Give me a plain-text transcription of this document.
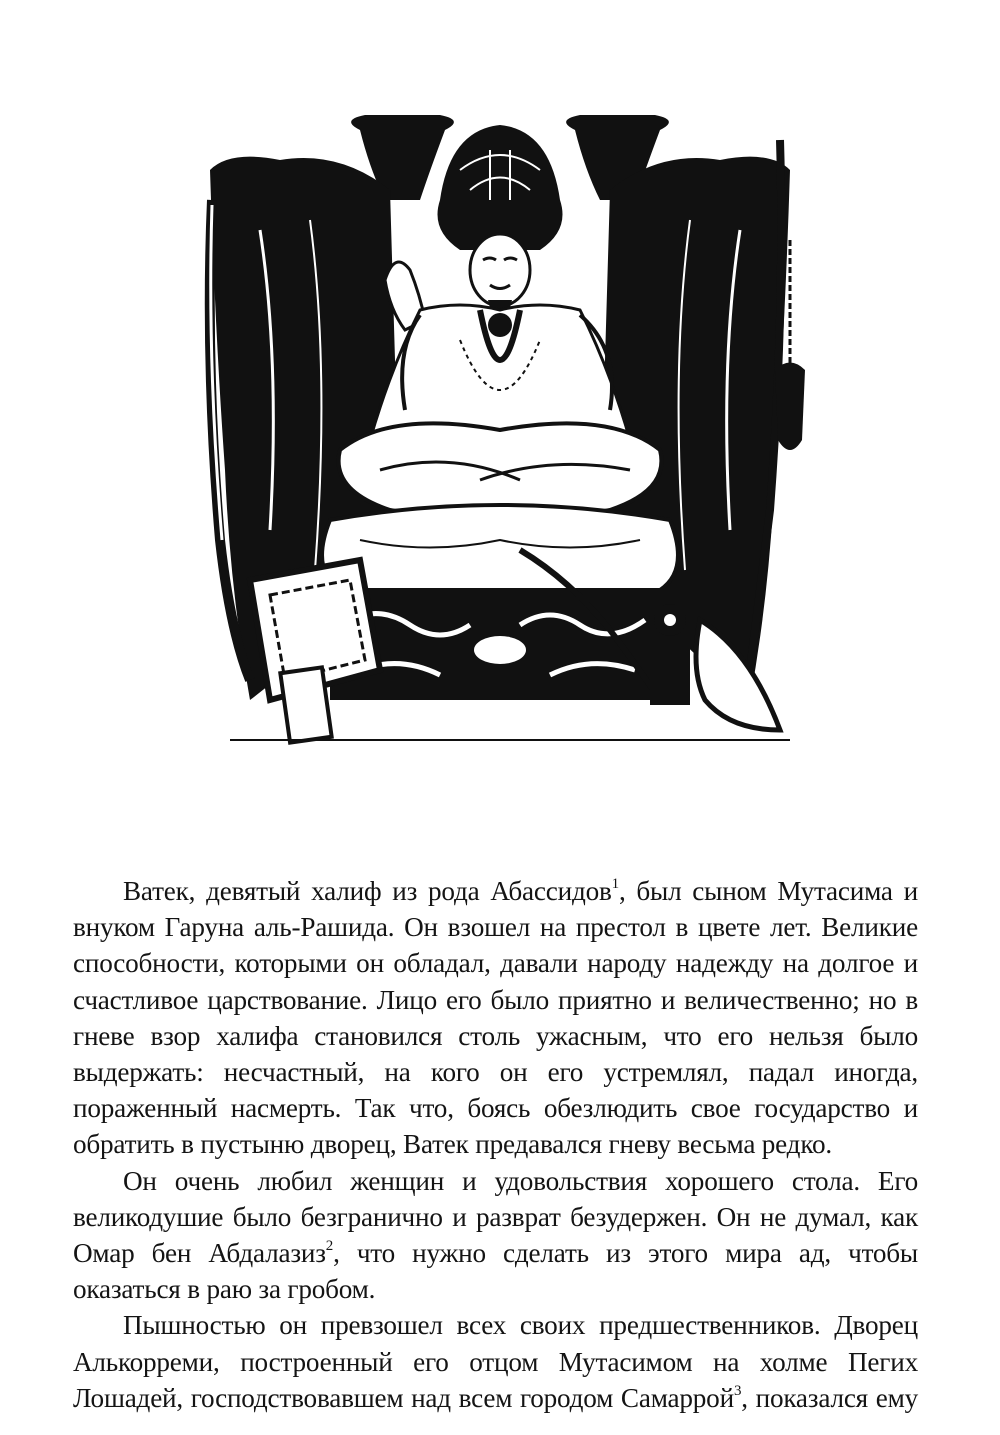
Ватек, девятый халиф из рода Абассидов$^1$, был сыном Мутасима и внуком Гаруна аль-Рашида. Он взошел на престол в цвете лет. Великие способности, которыми он обладал, давали народу надежду на долгое и счастливое царствование. Лицо его было приятно и величественно; но в гневе взор халифа становился столь ужасным, что его нельзя было выдержать: несчастный, на кого он его устремлял, падал иногда, пораженный насмерть. Так что, боясь обезлюдить свое государство и обратить в пустыню дворец, Ватек предавался гневу весьма редко.

Он очень любил женщин и удовольствия хорошего стола. Его великодушие было безгранично и разврат безудержен. Он не думал, как Омар бен Абдалазиз$^2$, что нужно сделать из этого мира ад, чтобы оказаться в раю за гробом.

Пышностью он превзошел всех своих предшественников. Дворец Алькорреми, построенный его отцом Мутасимом на холме Пегих Лошадей, господствовавшем над всем городом Самаррой$^3$, показался ему
